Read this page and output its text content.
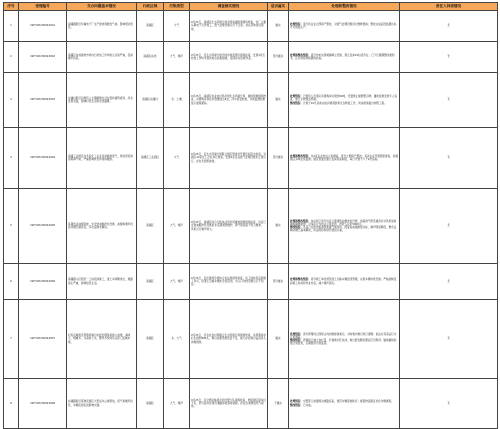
序号	受理编号	交办问题基本情况	行政区域	污染类型	调查核实情况	是否属实	处理和整改情况	责任人问责情况
1	X2HY20230924001	南湖路附近华瑞电子厂生产排放刺激性气体，影响周边居民。	南湖区	大气	9月25日，南湖区生态环境分局会同南湖街道现场核查，该厂主要从事电子元件加工，废气处理设施运行不正常，存在异味扰民现象。	属实	处理情况：责令该企业立即停产整改，对废气处理设施进行维修更换；整改完成后经监测达标方可恢复生产。	无
2	X2HY20230924002	南湖区东郊建材市场内石材加工作坊粉尘污染严重，夜间噪声扰民。	南湖区东郊	大气、噪声	9月25日，区生态环境分局会同市场监管所现场检查，发现3家石材加工作坊未落实粉尘收集措施，夜间存在违规作业。	部分属实	处理和整改情况：责令作坊完善喷淋降尘设施，禁止夜间22时后作业；已下达限期整改通知书，区分局将持续跟踪检查。	无
3	X2HY20230924003	东湖村附近河道有人长期倾倒生活垃圾和建筑废料，河水发黑发臭，影响村民生活和农田灌溉。	南湖区东湖村	水、土壤	9月25日，南湖区农业农村局会同生态环境分局、属地街道现场核查，河道两岸存在垃圾堆放点4处，河水感官较差，水质监测结果显示氨氮超标。	属实	处理情况：已组织人员清运河道两岸垃圾约60吨，设置禁止倾倒警示牌；属地街道安排专人巡查，建立长效保洁机制。
整改情况：计划于10月底前完成河道清淤和生态修复工作，同步推进截污纳管工程。	无
4	X2HY20230924004	南湖工业园区内多家化工企业夜间偷排废气，周边居民闻到刺鼻气味，严重影响休息和身体健康。	南湖区工业园区	大气	9月25日，区生态环境分局联合园区管委会开展夜间突击检查，对园区12家化工企业进行排查，发现2家企业废气处理设施未正常运行，存在无组织排放。	部分属实	处理和整改情况：对2家企业依法立案调查，责令立即停产整改；其余企业开展隐患排查，加强园区异味在线监测；园区管委会建立夜间巡查制度，每日开展不少于2次巡查。	无
5	X2HY20230924005	某餐饮店油烟直排，未安装油烟净化设施，油烟和噪声扰民问题长期存在，多次反映未解决。	南湖区	大气、噪声	9月25日，南湖区综合行政执法局会同属地街道现场检查，该店已安装油烟净化设施但未定期清洗维护，排气筒高度不符合要求，风机运行噪声较大。	属实	处理和整改情况：执法局已责令该店立即清洗油烟净化设施，加高排气筒至楼顶并对风机加装减振降噪装置；对违法行为依法立案处罚，罚款人民币5000元。
整改情况：该店已完成设施清洗和排气筒改造，经复查油烟排放达标，噪声明显降低，群众反映问题已基本解决，执法局将持续开展回头看。	无
6	X2HY20230924006	南湖路小区附近一工地夜间施工，渣土车频繁进出，道路扬尘严重，影响居民生活。	南湖区	大气、噪声	9月25日，区住建局会同综合执法局现场检查，该工地持有夜间施工许可，但渣土运输车辆未全部密闭，出入口冲洗设施运行不到位。	部分属实	处理和整改情况：责令施工单位规范渣土运输车辆密闭管理，完善车辆冲洗设施；严格控制夜间施工时间和作业内容，减少噪声扰民。	无
7	X2HY20230924007	村民反映附近养殖场粪污未经处理直接排入沟渠，臭味大，蚊蝇多，污染地下水，群众多次向有关部门反映未果。	南湖区	水、大气	9月25日，区农业农村局联合生态环境分局现场核查，该养殖场存栏生猪约800头，粪污处理设施容量不足，雨天存在粪污溢流进入沟渠现象。	属实	处理情况：责令养殖场立即停止向沟渠排放粪污，对沟渠内粪污进行清理；依法对其违法行为立案调查。
整改情况：养殖场已减少存栏量，扩建粪污贮存池，粪污经发酵处理后还田利用；属地镇街加强日常监管，定期组织开展复查。	无
8	X2HY20230924008	东湖路附近某物流园区大型货车占道停放，尾气和噪声扰民，车辆乱停乱放影响交通。	南湖区	大气、噪声	9月25日，区交通运输局会同交警大队现场检查，物流园区停车位不足，部分货车在周边道路停放等待装卸，存在怠速排放尾气现象。	不属实	处理情况：交警部门加强周边道路巡查，规范车辆停放秩序；督促物流园区优化车辆调度。
整改情况：已完成。	无
